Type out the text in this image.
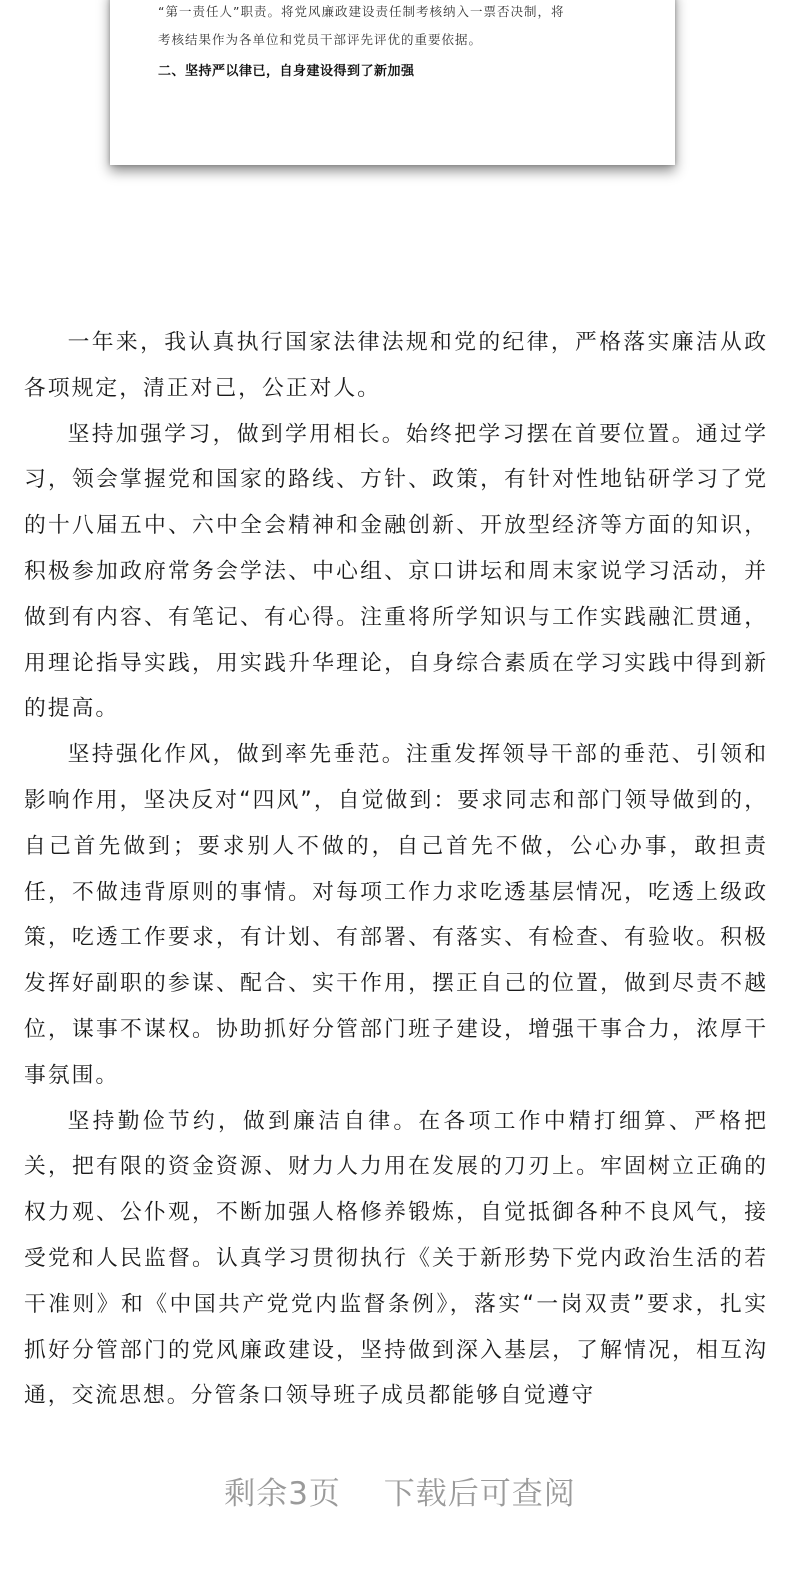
“第一责任人”职责。将党风廉政建设责任制考核纳入一票否决制，将
考核结果作为各单位和党员干部评先评优的重要依据。
二、坚持严以律已，自身建设得到了新加强

一年来，我认真执行国家法律法规和党的纪律，严格落实廉洁从政各项规定，清正对己，公正对人。

坚持加强学习，做到学用相长。始终把学习摆在首要位置。通过学习，领会掌握党和国家的路线、方针、政策，有针对性地钻研学习了党的十八届五中、六中全会精神和金融创新、开放型经济等方面的知识，积极参加政府常务会学法、中心组、京口讲坛和周末家说学习活动，并做到有内容、有笔记、有心得。注重将所学知识与工作实践融汇贯通，用理论指导实践，用实践升华理论，自身综合素质在学习实践中得到新的提高。

坚持强化作风，做到率先垂范。注重发挥领导干部的垂范、引领和影响作用，坚决反对“四风”，自觉做到：要求同志和部门领导做到的，自己首先做到；要求别人不做的，自己首先不做，公心办事，敢担责任，不做违背原则的事情。对每项工作力求吃透基层情况，吃透上级政策，吃透工作要求，有计划、有部署、有落实、有检查、有验收。积极发挥好副职的参谋、配合、实干作用，摆正自己的位置，做到尽责不越位，谋事不谋权。协助抓好分管部门班子建设，增强干事合力，浓厚干事氛围。

坚持勤俭节约，做到廉洁自律。在各项工作中精打细算、严格把关，把有限的资金资源、财力人力用在发展的刀刃上。牢固树立正确的权力观、公仆观，不断加强人格修养锻炼，自觉抵御各种不良风气，接受党和人民监督。认真学习贯彻执行《关于新形势下党内政治生活的若干准则》和《中国共产党党内监督条例》，落实“一岗双责”要求，扎实抓好分管部门的党风廉政建设，坚持做到深入基层，了解情况，相互沟通，交流思想。分管条口领导班子成员都能够自觉遵守

剩余3页 下载后可查阅
